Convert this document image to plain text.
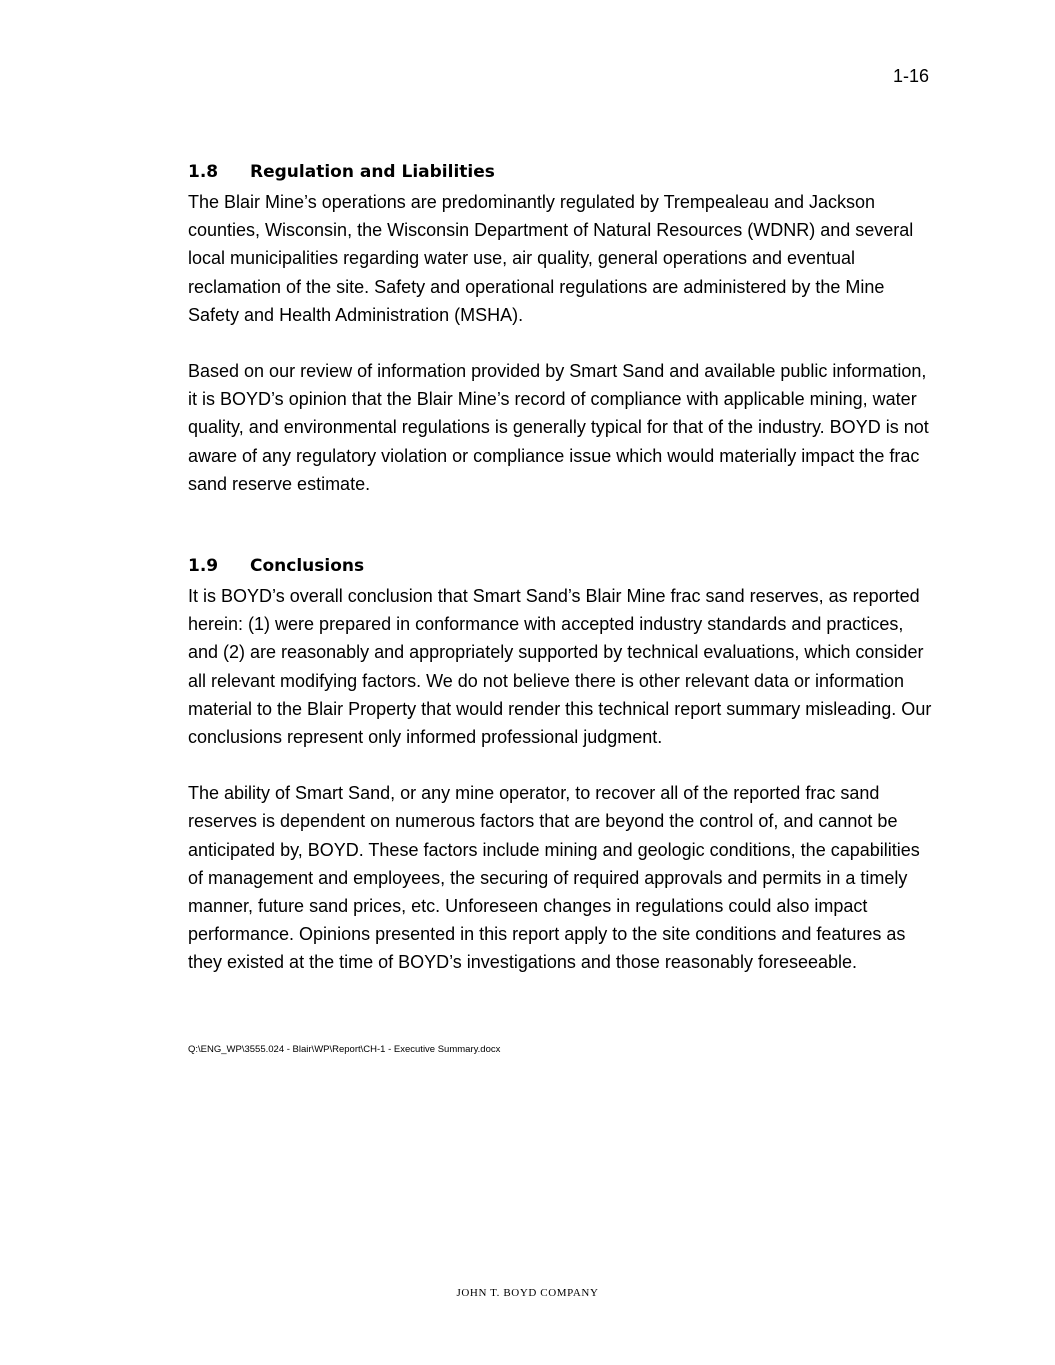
1-16

1.8	Regulation and Liabilities

The Blair Mine’s operations are predominantly regulated by Trempealeau and Jackson counties, Wisconsin, the Wisconsin Department of Natural Resources (WDNR) and several local municipalities regarding water use, air quality, general operations and eventual reclamation of the site. Safety and operational regulations are administered by the Mine Safety and Health Administration (MSHA).

Based on our review of information provided by Smart Sand and available public information, it is BOYD’s opinion that the Blair Mine’s record of compliance with applicable mining, water quality, and environmental regulations is generally typical for that of the industry. BOYD is not aware of any regulatory violation or compliance issue which would materially impact the frac sand reserve estimate.

1.9	Conclusions

It is BOYD’s overall conclusion that Smart Sand’s Blair Mine frac sand reserves, as reported herein: (1) were prepared in conformance with accepted industry standards and practices, and (2) are reasonably and appropriately supported by technical evaluations, which consider all relevant modifying factors. We do not believe there is other relevant data or information material to the Blair Property that would render this technical report summary misleading. Our conclusions represent only informed professional judgment.

The ability of Smart Sand, or any mine operator, to recover all of the reported frac sand reserves is dependent on numerous factors that are beyond the control of, and cannot be anticipated by, BOYD. These factors include mining and geologic conditions, the capabilities of management and employees, the securing of required approvals and permits in a timely manner, future sand prices, etc. Unforeseen changes in regulations could also impact performance. Opinions presented in this report apply to the site conditions and features as they existed at the time of BOYD’s investigations and those reasonably foreseeable.

Q:\ENG_WP\3555.024 - Blair\WP\Report\CH-1 - Executive Summary.docx

JOHN T. BOYD COMPANY
